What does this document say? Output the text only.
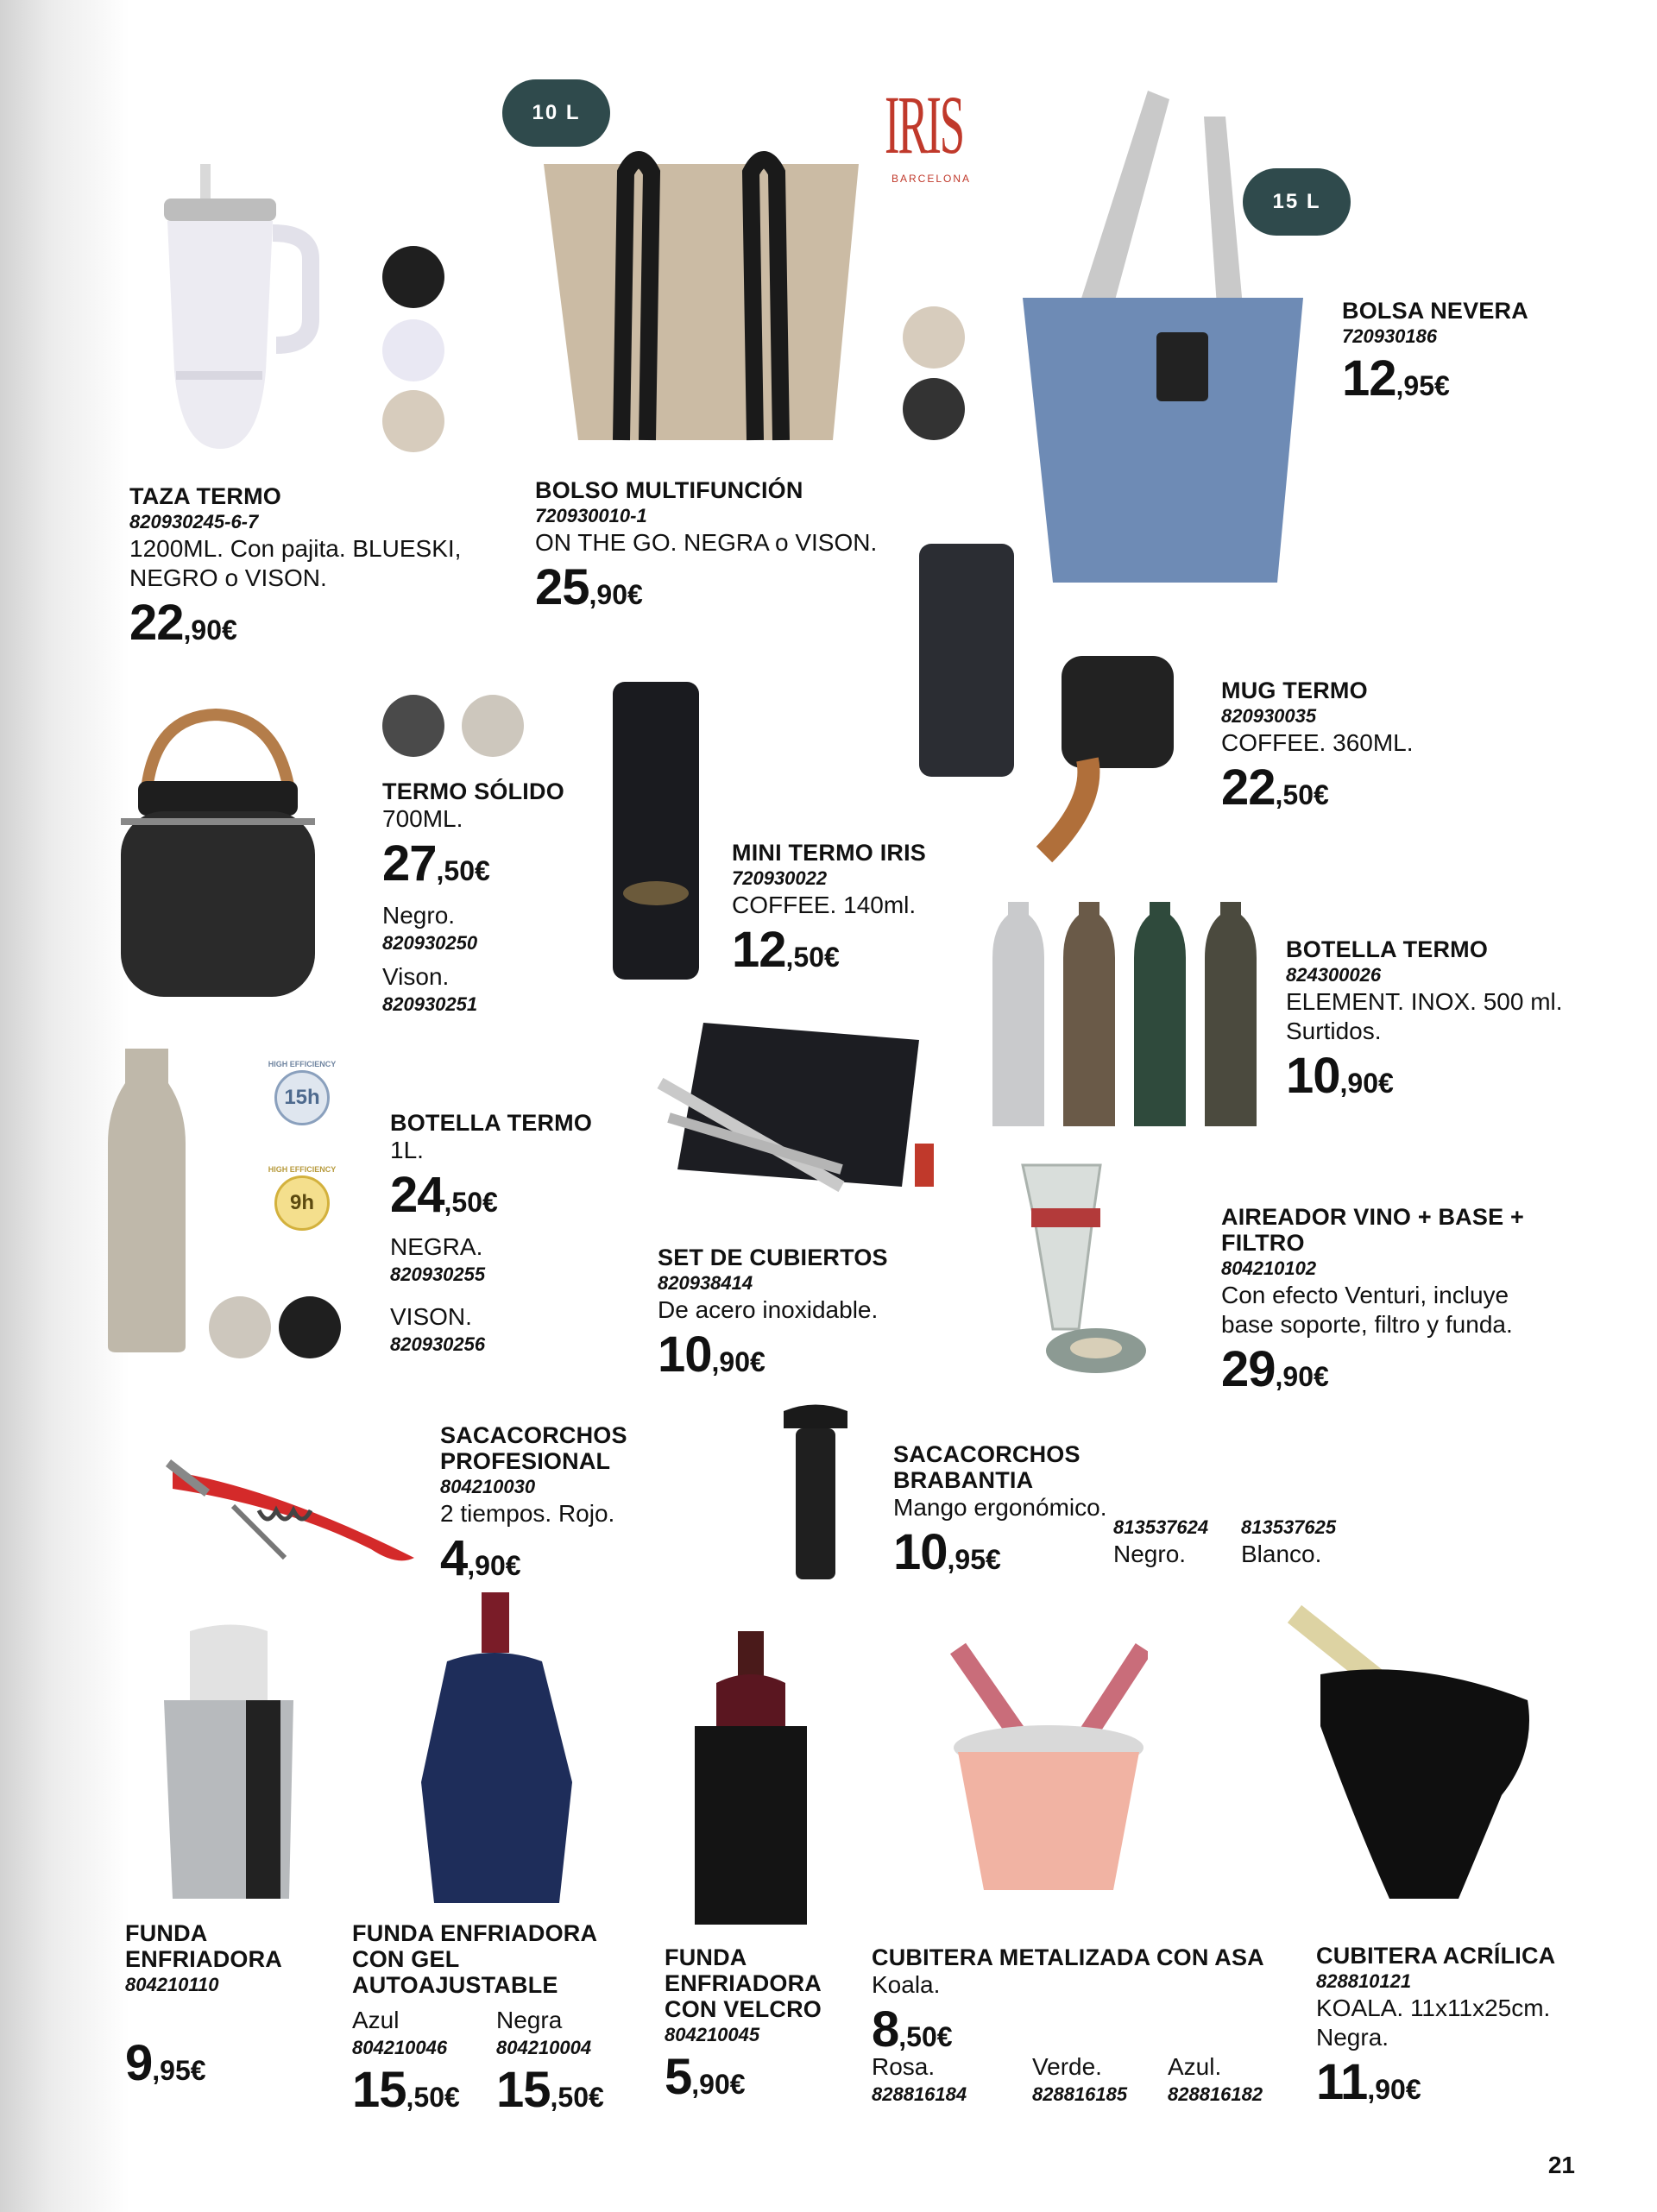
TAZA TERMO
820930245-6-7
1200ML. Con pajita. BLUESKI,
NEGRO o VISON.
22,90€
10 L	IRIS
BARCELONA
BOLSO MULTIFUNCIÓN
720930010-1
ON THE GO. NEGRA o VISON.
25,90€
15 L
BOLSA NEVERA
720930186
12,95€
MUG TERMO
820930035
COFFEE. 360ML.
22,50€
TERMO SÓLIDO
700ML.
27,50€
Negro.
820930250
Vison.
820930251
MINI TERMO IRIS
720930022
COFFEE. 140ml.
12,50€	BOTELLA TERMO
824300026
ELEMENT. INOX. 500 ml.
Surtidos.
10,90€
HIGH EFFICIENCY
15h
HIGH EFFICIENCY
9h
BOTELLA TERMO
1L.
24,50€
NEGRA.
820930255
VISON.
820930256
SET DE CUBIERTOS
820938414
De acero inoxidable.
10,90€
AIREADOR VINO + BASE +
FILTRO
804210102
Con efecto Venturi, incluye
base soporte, filtro y funda.
29,90€
SACACORCHOS
PROFESIONAL
804210030
2 tiempos. Rojo.
4,90€
SACACORCHOS
BRABANTIA
Mango ergonómico.
10,95€
813537624
Negro.
813537625
Blanco.
FUNDA
ENFRIADORA
804210110
9,95€
FUNDA ENFRIADORA
CON GEL
AUTOAJUSTABLE
Azul
804210046
15,50€
Negra
804210004
15,50€
FUNDA
ENFRIADORA
CON VELCRO
804210045
5,90€
CUBITERA METALIZADA CON ASA
Koala.
8,50€
Rosa.
828816184
Verde.
828816185
Azul.
828816182
CUBITERA ACRÍLICA
828810121
KOALA. 11x11x25cm.
Negra.
11,90€
21
